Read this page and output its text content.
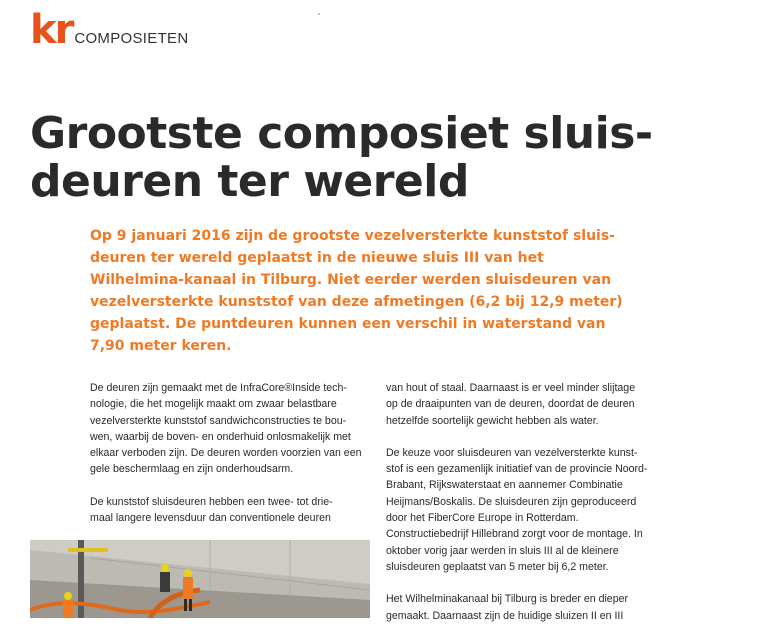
kr COMPOSIETEN
Grootste composiet sluis-
deuren ter wereld
Op 9 januari 2016 zijn de grootste vezelversterkte kunststof sluis-
deuren ter wereld geplaatst in de nieuwe sluis III van het
Wilhelmina-kanaal in Tilburg. Niet eerder werden sluisdeuren van
vezelversterkte kunststof van deze afmetingen (6,2 bij 12,9 meter)
geplaatst. De puntdeuren kunnen een verschil in waterstand van
7,90 meter keren.

De deuren zijn gemaakt met de InfraCore®Inside tech-
nologie, die het mogelijk maakt om zwaar belastbare
vezelversterkte kunststof sandwichconstructies te bou-
wen, waarbij de boven- en onderhuid onlosmakelijk met
elkaar verboden zijn. De deuren worden voorzien van een
gele beschermlaag en zijn onderhoudsarm.

De kunststof sluisdeuren hebben een twee- tot drie-
maal langere levensduur dan conventionele deuren

van hout of staal. Daarnaast is er veel minder slijtage
op de draaipunten van de deuren, doordat de deuren
hetzelfde soortelijk gewicht hebben als water.

De keuze voor sluisdeuren van vezelversterkte kunst-
stof is een gezamenlijk initiatief van de provincie Noord-
Brabant, Rijkswaterstaat en aannemer Combinatie
Heijmans/Boskalis. De sluisdeuren zijn geproduceerd
door het FiberCore Europe in Rotterdam.
Constructiebedrijf Hillebrand zorgt voor de montage. In
oktober vorig jaar werden in sluis III al de kleinere
sluisdeuren geplaatst van 5 meter bij 6,2 meter.

Het Wilhelminakanaal bij Tilburg is breder en dieper
gemaakt. Daarnaast zijn de huidige sluizen II en III
